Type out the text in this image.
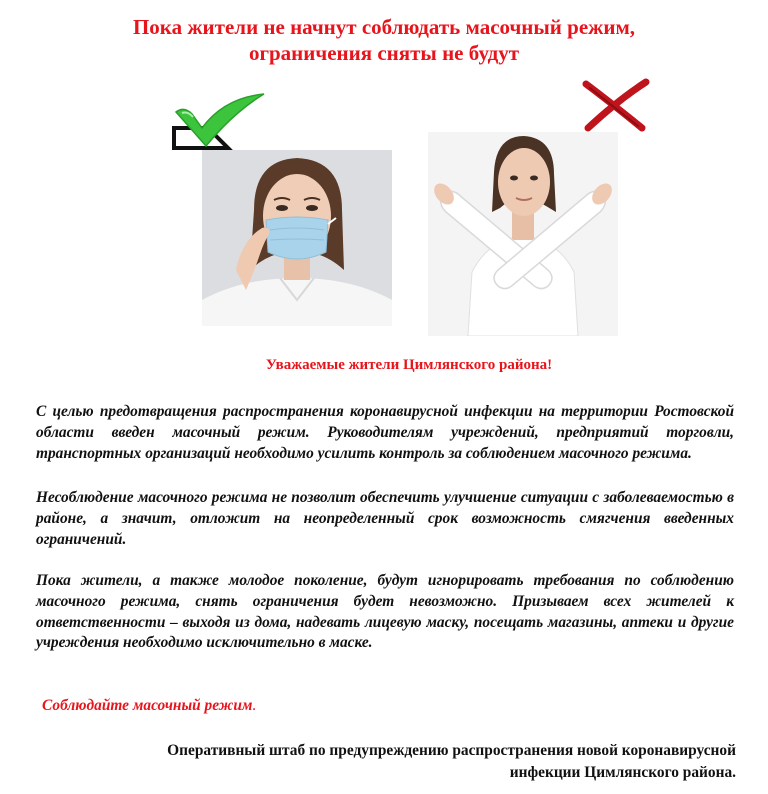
Пока жители не начнут соблюдать масочный режим,
ограничения сняты не будут
Уважаемые жители Цимлянского района!
С целью предотвращения распространения коронавирусной инфекции на территории Ростовской области введен масочный режим. Руководителям учреждений, предприятий торговли, транспортных организаций необходимо усилить контроль за соблюдением масочного режима.
Несоблюдение масочного режима не позволит обеспечить улучшение ситуации с заболеваемостью в районе, а значит, отложит на неопределенный срок возможность смягчения введенных ограничений.
Пока жители, а также молодое поколение, будут игнорировать требования по соблюдению масочного режима, снять ограничения будет невозможно. Призываем всех жителей к ответственности – выходя из дома, надевать лицевую маску, посещать магазины, аптеки и другие учреждения необходимо исключительно в маске.
Соблюдайте масочный режим.
Оперативный штаб по предупреждению распространения новой коронавирусной
инфекции Цимлянского района.
